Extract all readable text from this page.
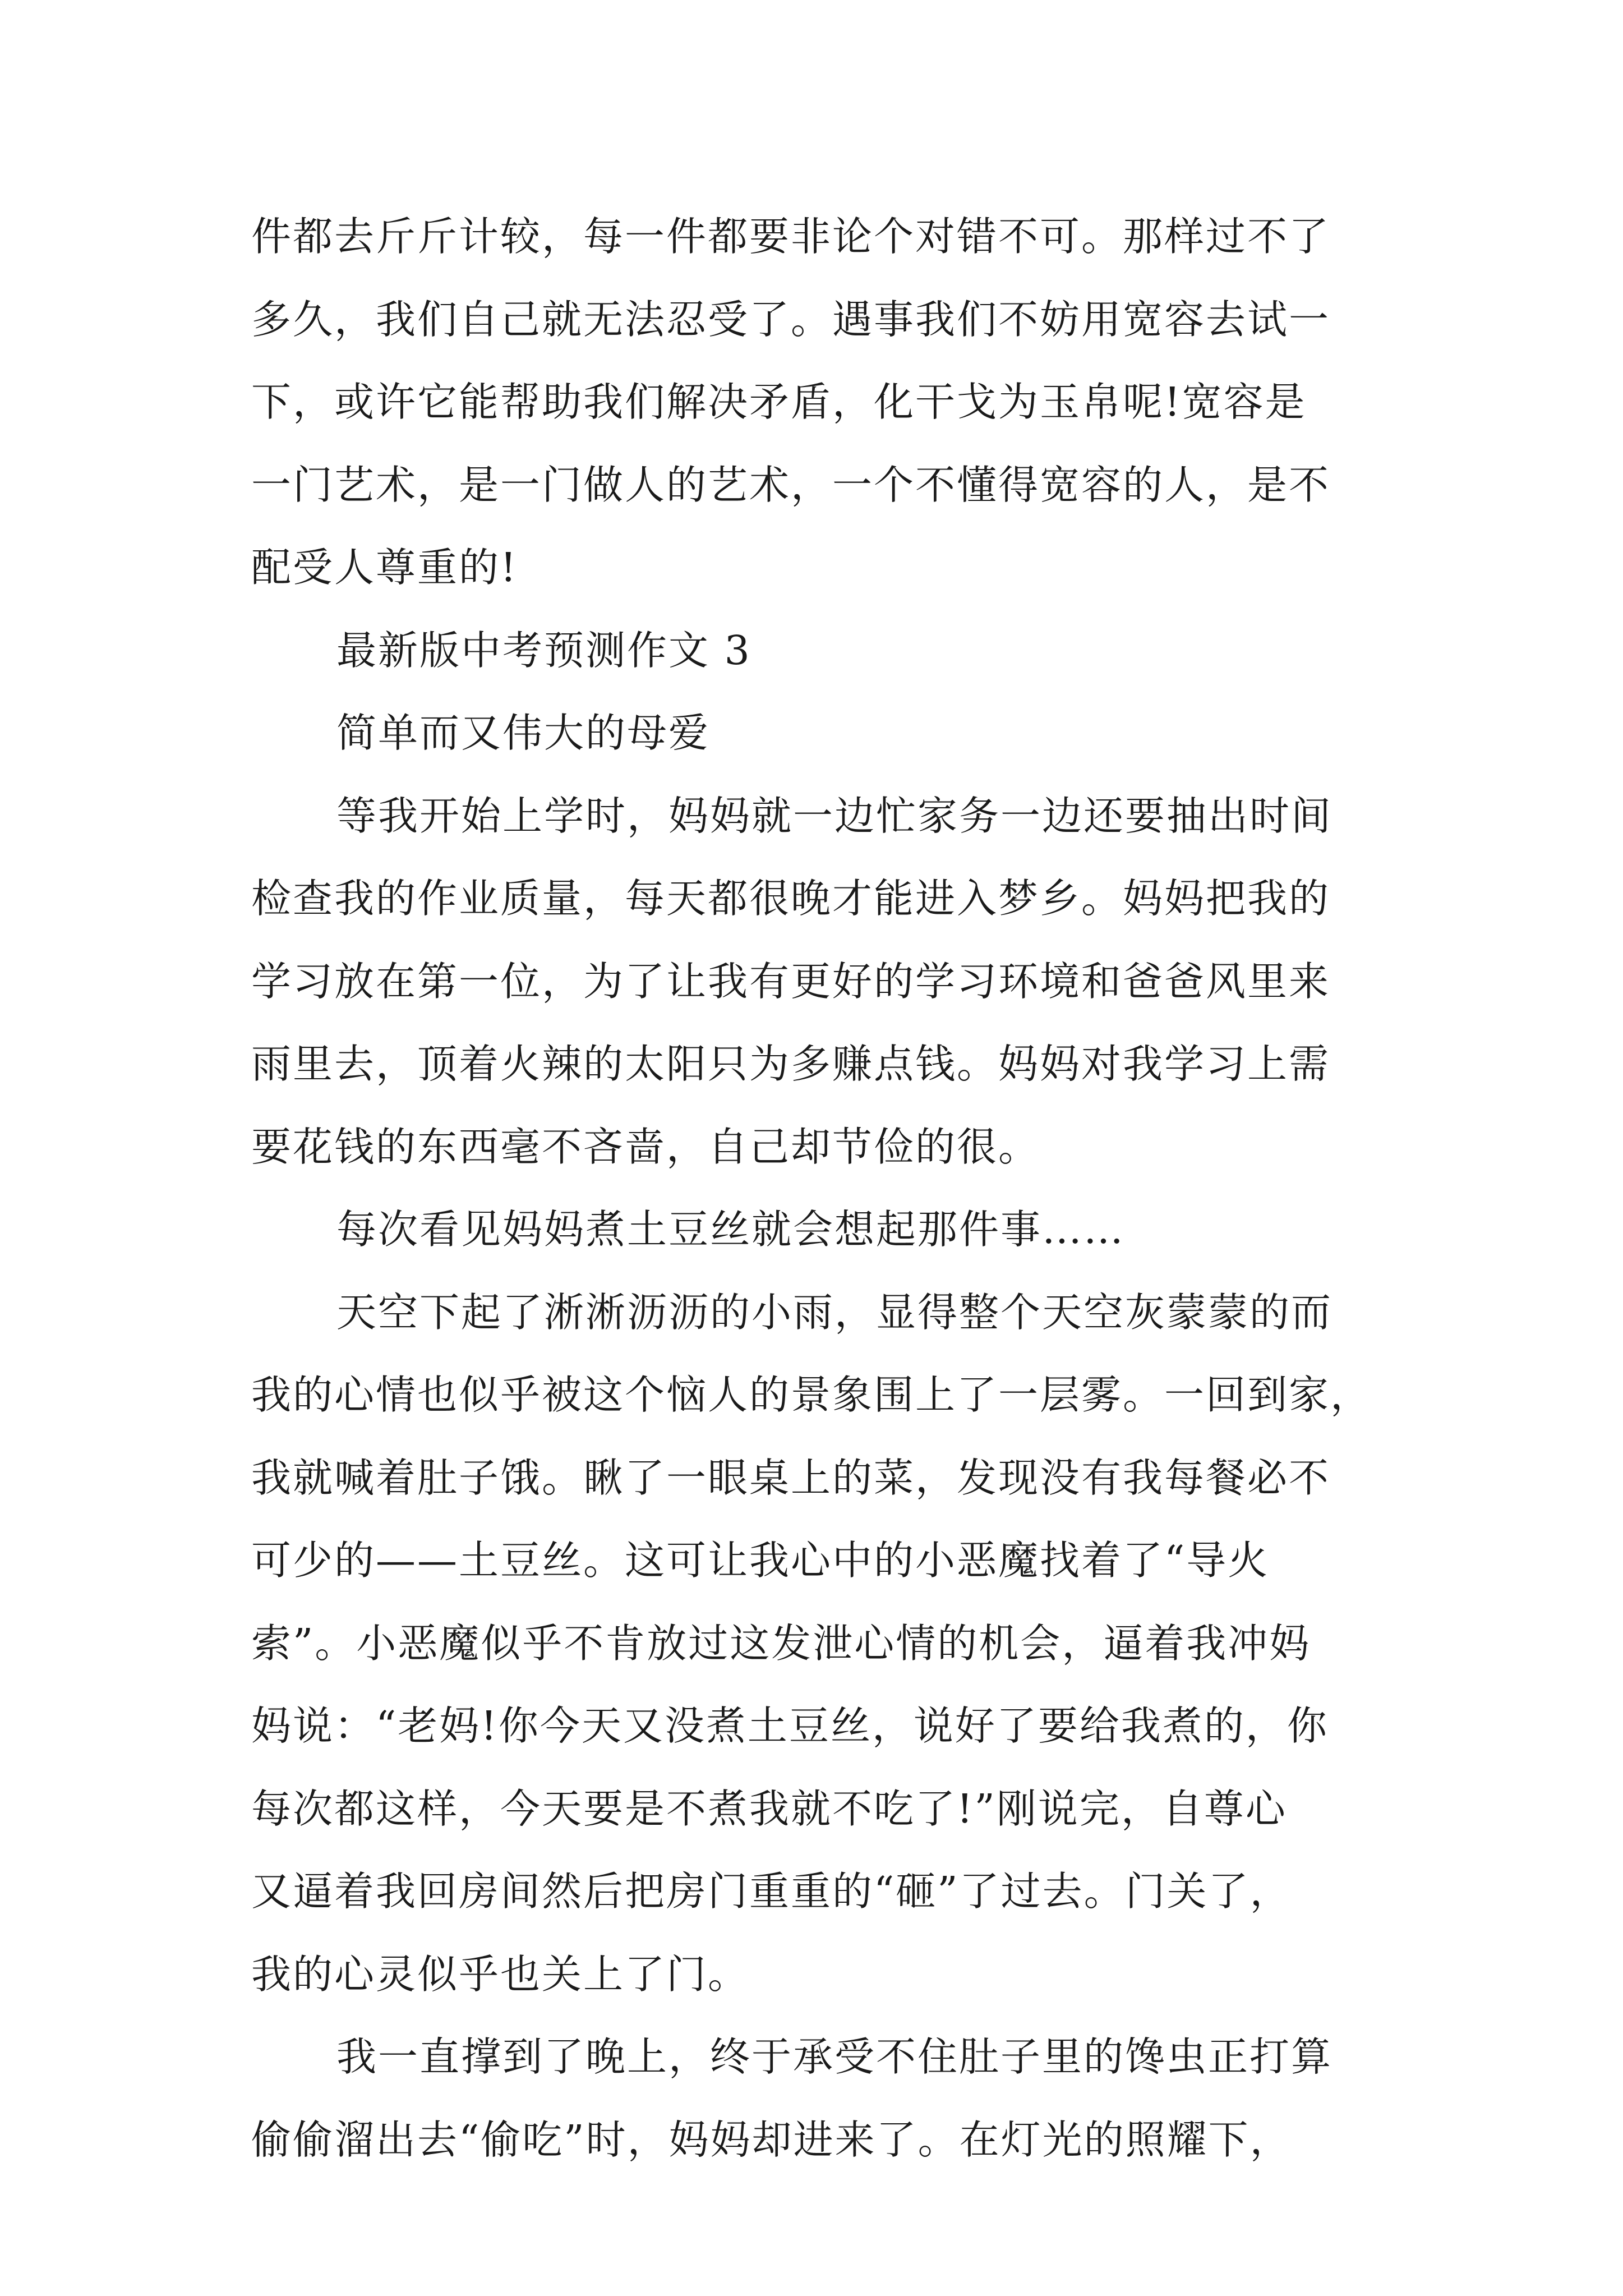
件都去斤斤计较，每一件都要非论个对错不可。那样过不了
多久，我们自己就无法忍受了。遇事我们不妨用宽容去试一
下，或许它能帮助我们解决矛盾，化干戈为玉帛呢!宽容是
一门艺术，是一门做人的艺术，一个不懂得宽容的人，是不
配受人尊重的!
最新版中考预测作文 3
简单而又伟大的母爱
等我开始上学时，妈妈就一边忙家务一边还要抽出时间
检查我的作业质量，每天都很晚才能进入梦乡。妈妈把我的
学习放在第一位，为了让我有更好的学习环境和爸爸风里来
雨里去，顶着火辣的太阳只为多赚点钱。妈妈对我学习上需
要花钱的东西毫不吝啬，自己却节俭的很。
每次看见妈妈煮土豆丝就会想起那件事……
天空下起了淅淅沥沥的小雨，显得整个天空灰蒙蒙的而
我的心情也似乎被这个恼人的景象围上了一层雾。一回到家，
我就喊着肚子饿。瞅了一眼桌上的菜，发现没有我每餐必不
可少的——土豆丝。这可让我心中的小恶魔找着了“导火
索”。小恶魔似乎不肯放过这发泄心情的机会，逼着我冲妈
妈说：“老妈!你今天又没煮土豆丝，说好了要给我煮的，你
每次都这样，今天要是不煮我就不吃了!”刚说完，自尊心
又逼着我回房间然后把房门重重的“砸”了过去。门关了，
我的心灵似乎也关上了门。
我一直撑到了晚上，终于承受不住肚子里的馋虫正打算
偷偷溜出去“偷吃”时，妈妈却进来了。在灯光的照耀下，
